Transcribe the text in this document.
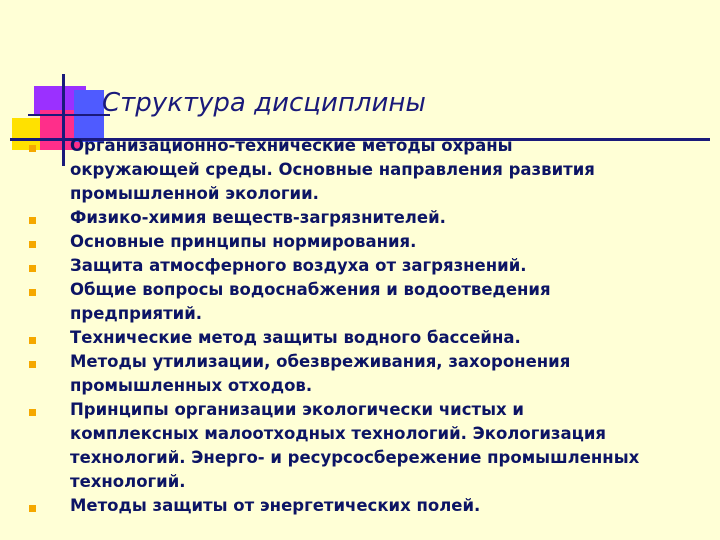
Структура дисциплины
Организационно-технические методы охраны
окружающей среды. Основные направления развития
промышленной экологии.
Физико-химия веществ-загрязнителей.
Основные принципы нормирования.
Защита атмосферного воздуха от загрязнений.
Общие вопросы водоснабжения и водоотведения
предприятий.
Технические метод защиты водного бассейна.
Методы утилизации, обезвреживания, захоронения
промышленных отходов.
Принципы организации экологически чистых и
комплексных малоотходных технологий. Экологизация
технологий. Энерго- и ресурсосбережение промышленных
технологий.
Методы защиты от энергетических полей.
